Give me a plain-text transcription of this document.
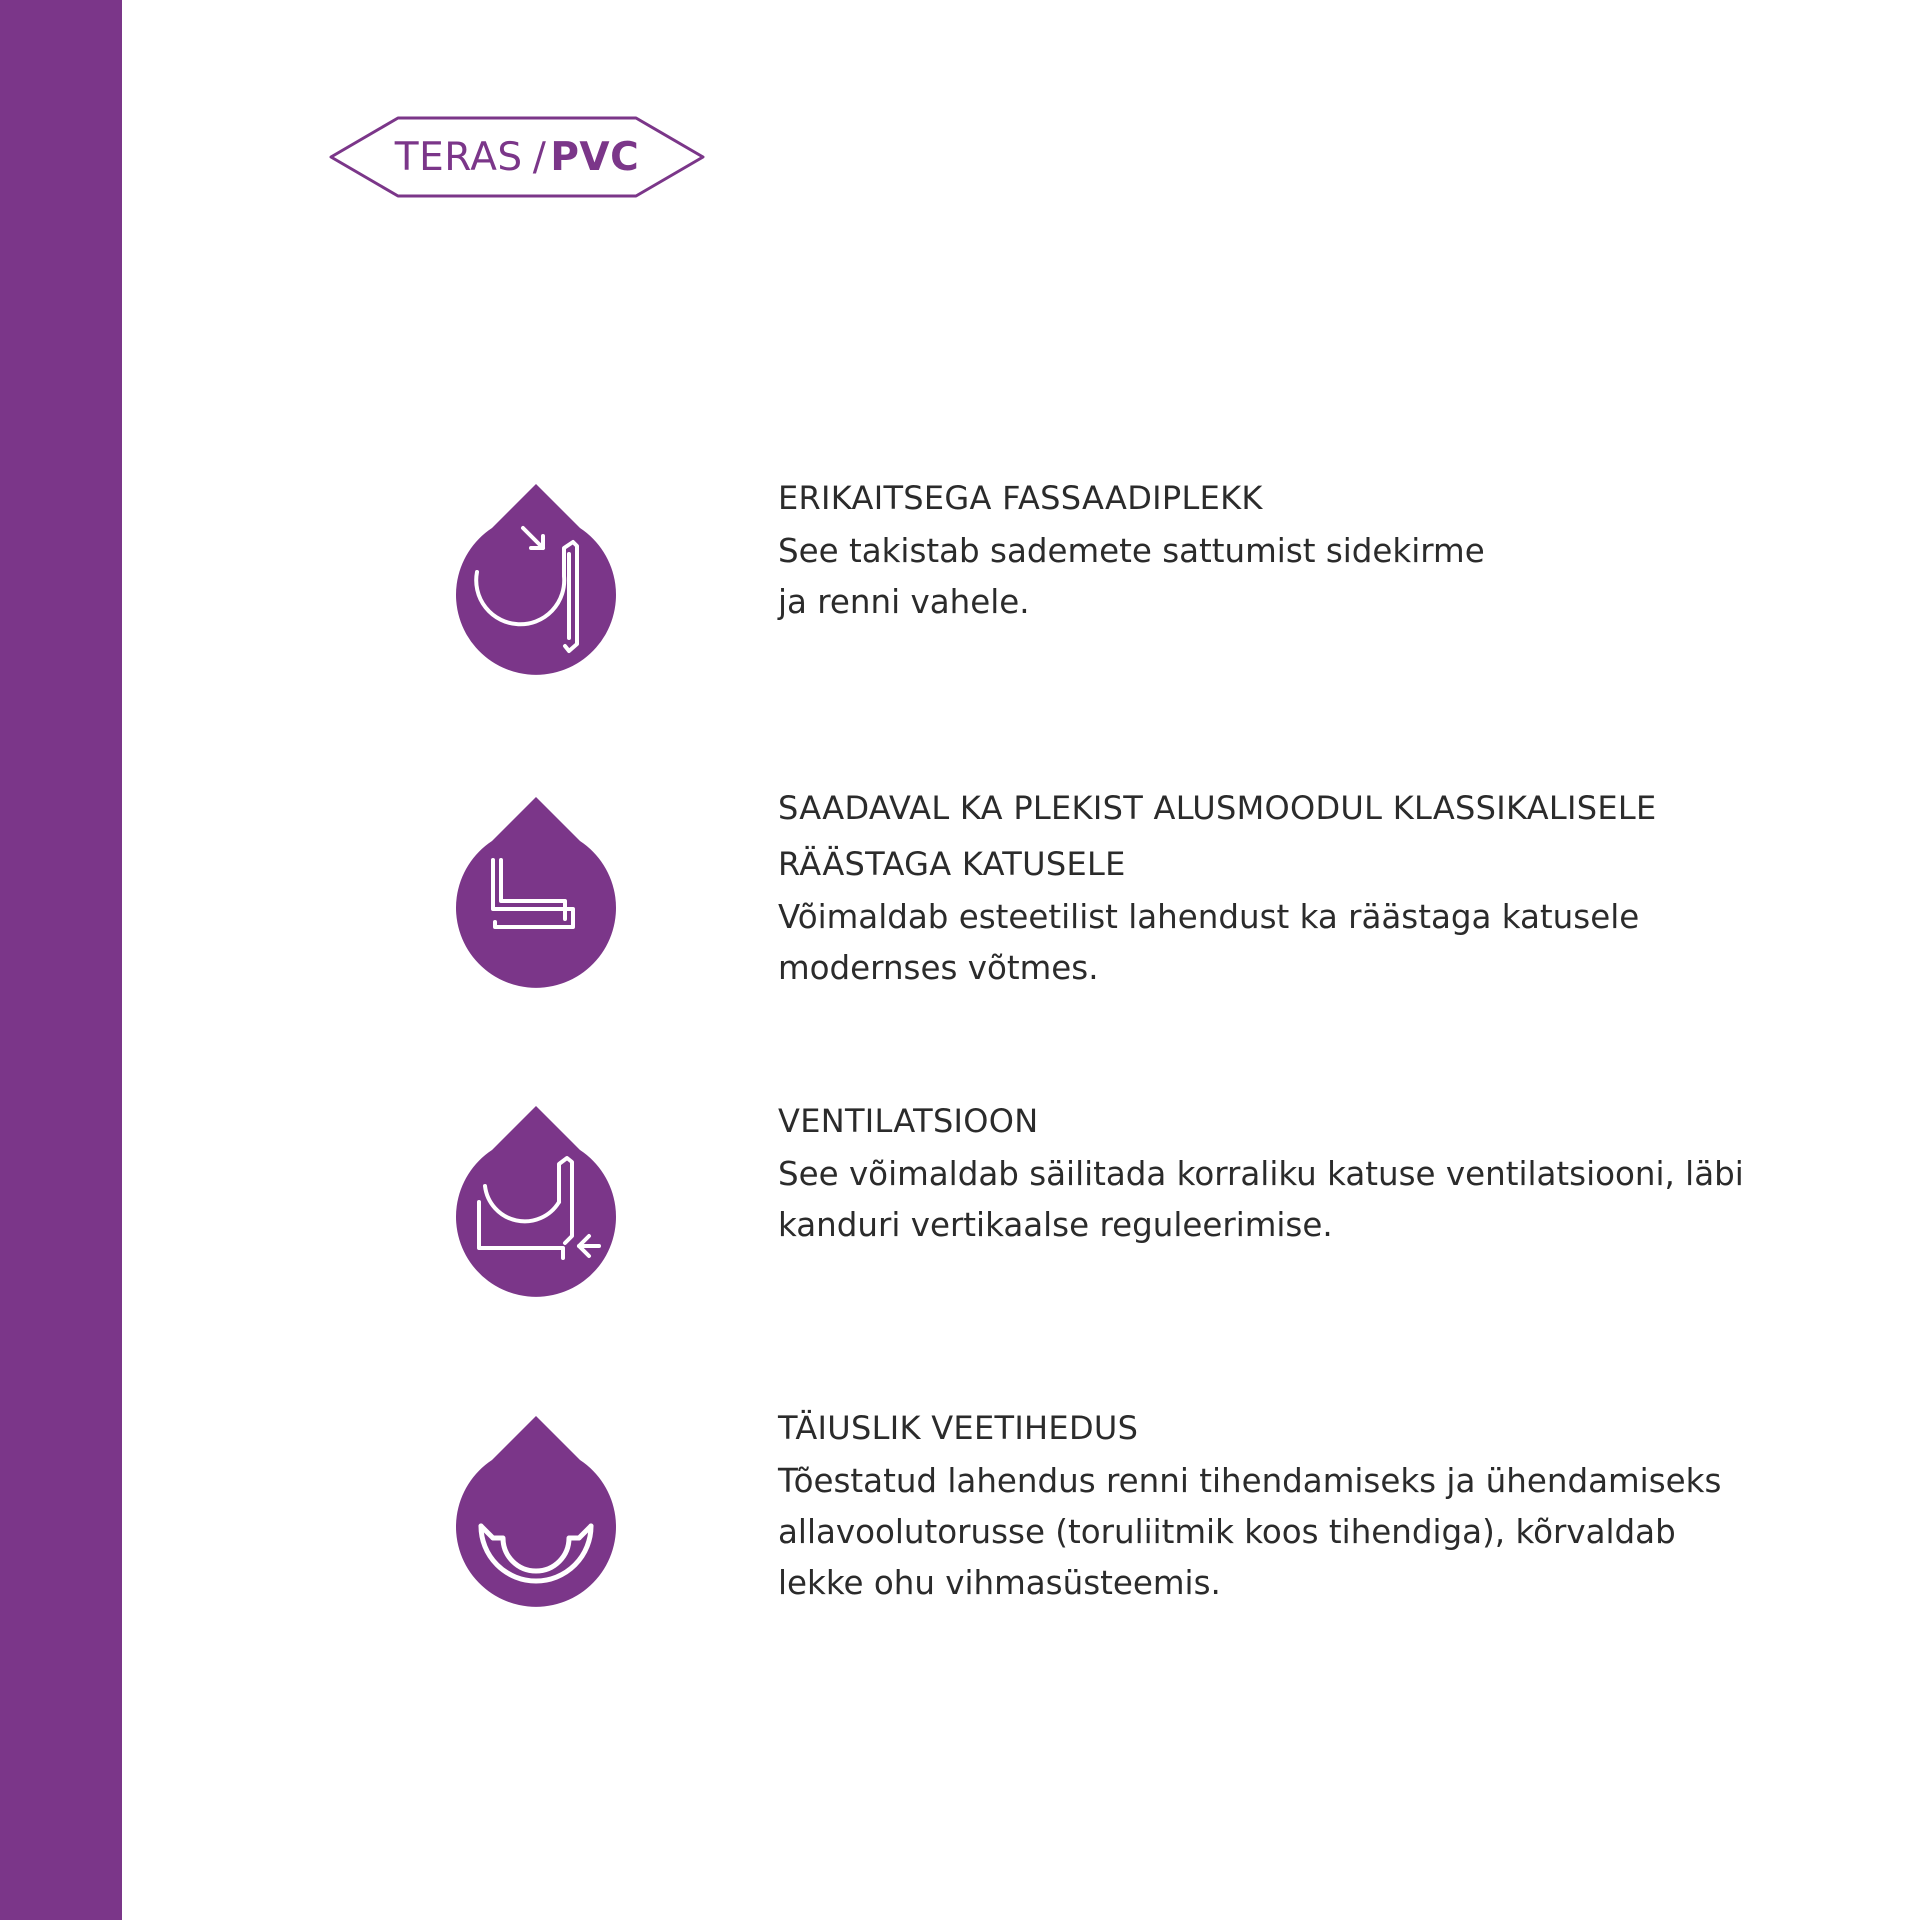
TERAS / PVC
ERIKAITSEGA FASSAADIPLEKK
See takistab sademete sattumist sidekirme
ja renni vahele.
SAADAVAL KA PLEKIST ALUSMOODUL KLASSIKALISELE
RÄÄSTAGA KATUSELE
Võimaldab esteetilist lahendust ka räästaga katusele
modernses võtmes.
VENTILATSIOON
See võimaldab säilitada korraliku katuse ventilatsiooni, läbi
kanduri vertikaalse reguleerimise.
TÄIUSLIK VEETIHEDUS
Tõestatud lahendus renni tihendamiseks ja ühendamiseks
allavoolutorusse (toruliitmik koos tihendiga), kõrvaldab
lekke ohu vihmasüsteemis.
